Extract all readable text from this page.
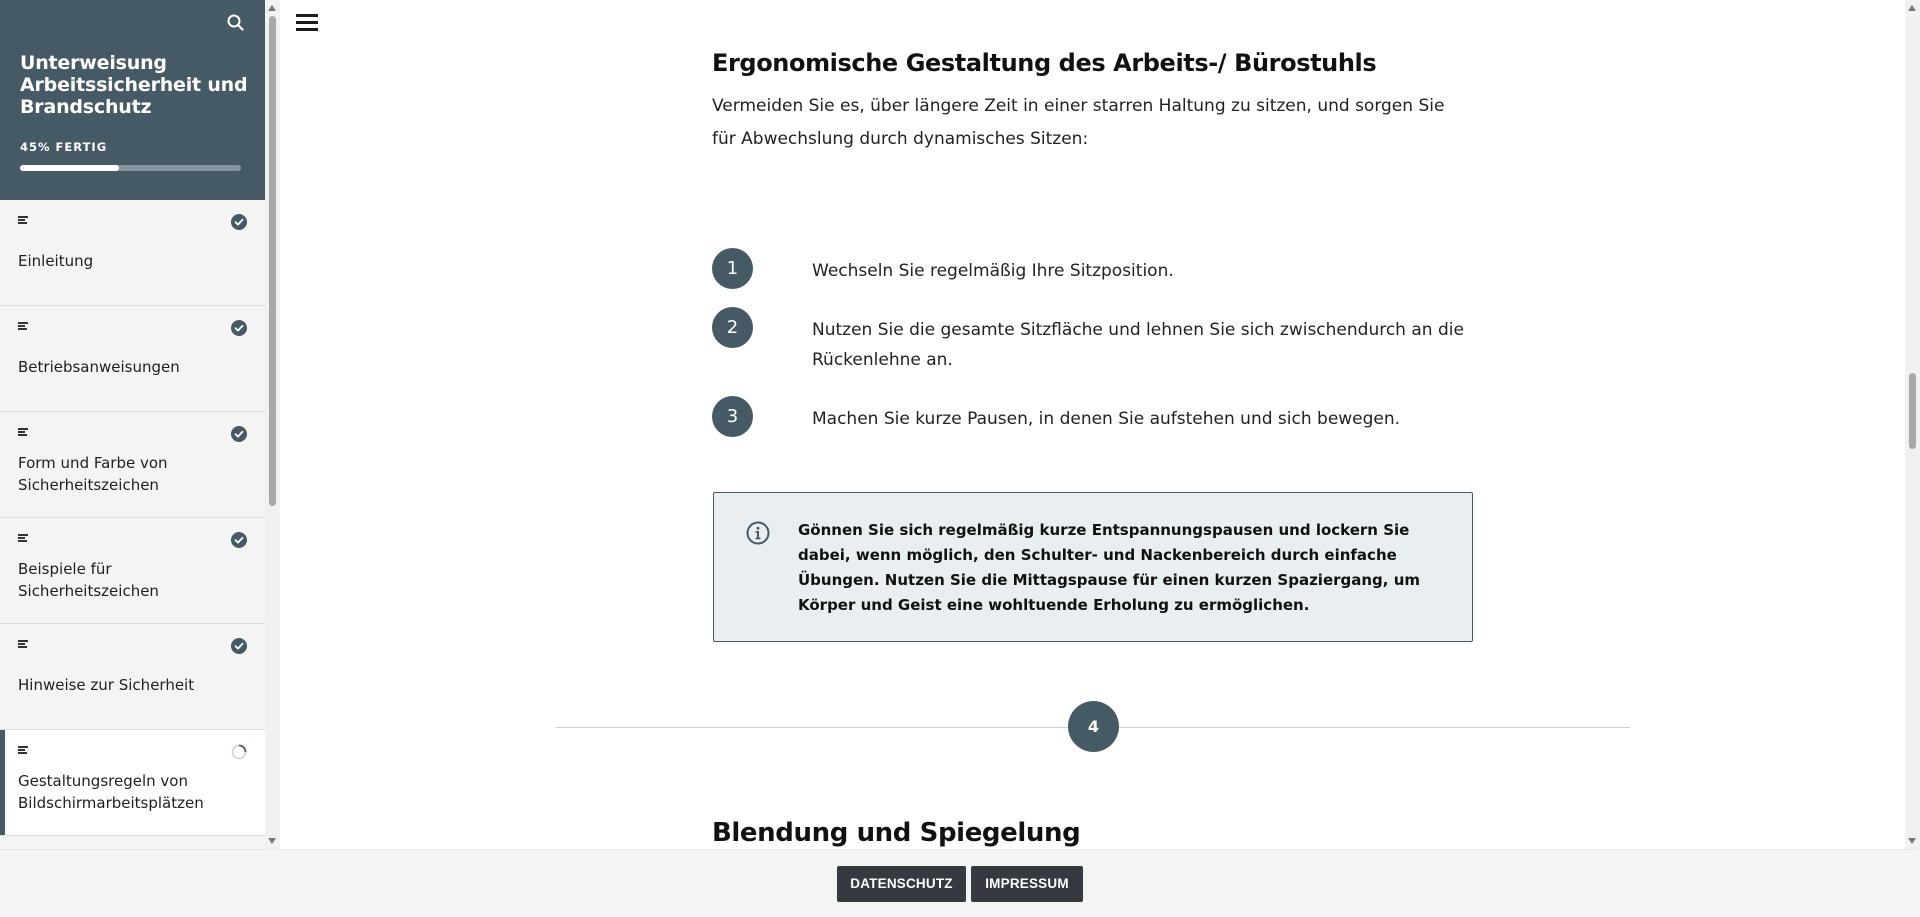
Unterweisung Arbeitssicherheit und Brandschutz
45% FERTIG
Einleitung
Betriebsanweisungen
Form und Farbe von Sicherheitszeichen
Beispiele für Sicherheitszeichen
Hinweise zur Sicherheit
Gestaltungsregeln von Bildschirmarbeitsplätzen
Ergonomische Gestaltung des Arbeits-/ Bürostuhls

Vermeiden Sie es, über längere Zeit in einer starren Haltung zu sitzen, und sorgen Sie für Abwechslung durch dynamisches Sitzen:

1	Wechseln Sie regelmäßig Ihre Sitzposition.
2	Nutzen Sie die gesamte Sitzfläche und lehnen Sie sich zwischendurch an die Rückenlehne an.
3	Machen Sie kurze Pausen, in denen Sie aufstehen und sich bewegen.

Gönnen Sie sich regelmäßig kurze Entspannungspausen und lockern Sie dabei, wenn möglich, den Schulter- und Nackenbereich durch einfache Übungen. Nutzen Sie die Mittagspause für einen kurzen Spaziergang, um Körper und Geist eine wohltuende Erholung zu ermöglichen.

4
Blendung und Spiegelung
DATENSCHUTZ	IMPRESSUM
